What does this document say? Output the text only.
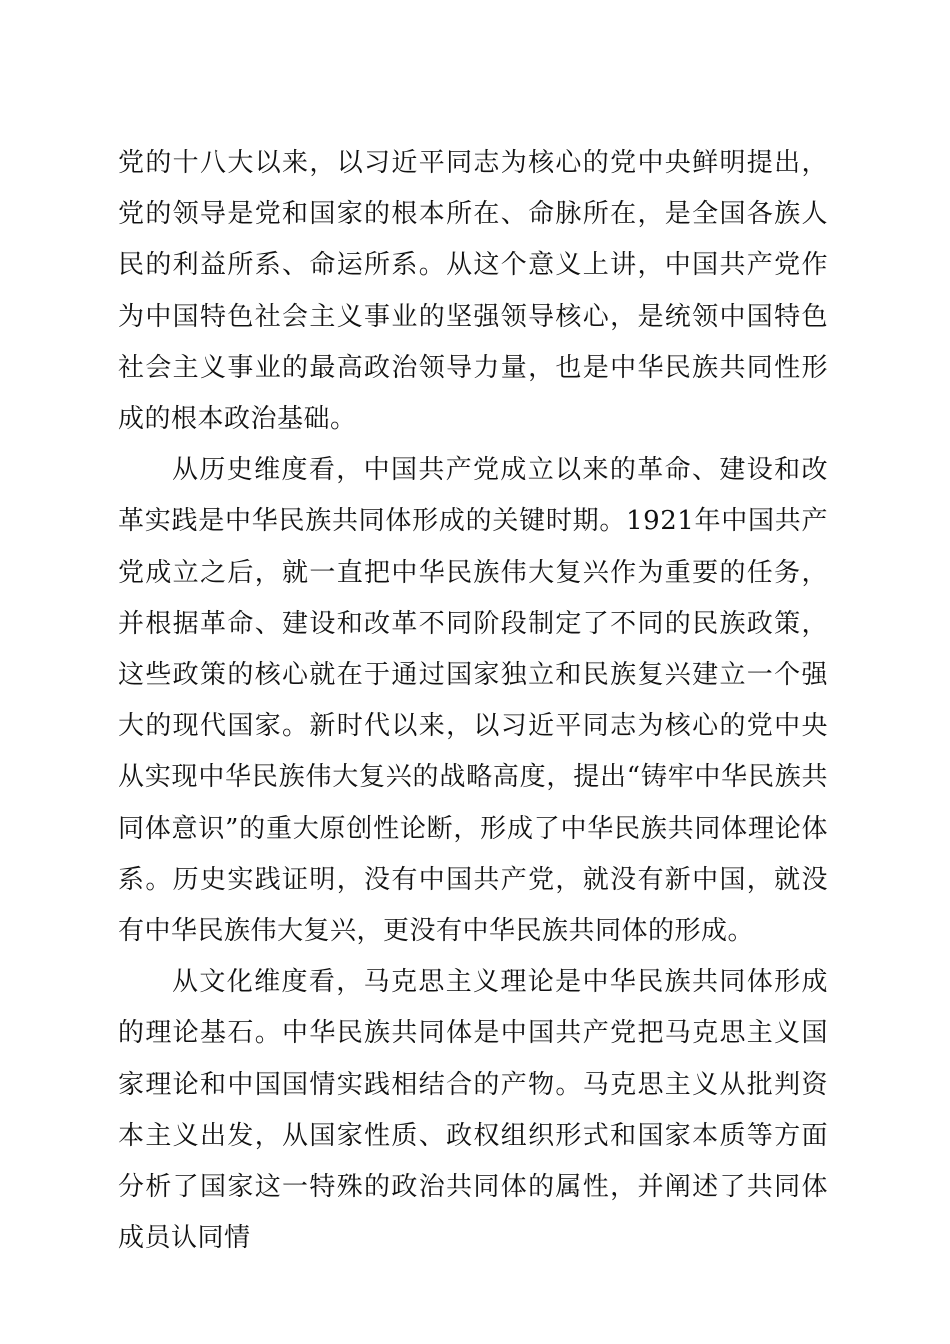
党的十八大以来，以习近平同志为核心的党中央鲜明提出，党的领导是党和国家的根本所在、命脉所在，是全国各族人民的利益所系、命运所系。从这个意义上讲，中国共产党作为中国特色社会主义事业的坚强领导核心，是统领中国特色社会主义事业的最高政治领导力量，也是中华民族共同性形成的根本政治基础。

从历史维度看，中国共产党成立以来的革命、建设和改革实践是中华民族共同体形成的关键时期。1921年中国共产党成立之后，就一直把中华民族伟大复兴作为重要的任务，并根据革命、建设和改革不同阶段制定了不同的民族政策，这些政策的核心就在于通过国家独立和民族复兴建立一个强大的现代国家。新时代以来，以习近平同志为核心的党中央从实现中华民族伟大复兴的战略高度，提出“铸牢中华民族共同体意识”的重大原创性论断，形成了中华民族共同体理论体系。历史实践证明，没有中国共产党，就没有新中国，就没有中华民族伟大复兴，更没有中华民族共同体的形成。

从文化维度看，马克思主义理论是中华民族共同体形成的理论基石。中华民族共同体是中国共产党把马克思主义国家理论和中国国情实践相结合的产物。马克思主义从批判资本主义出发，从国家性质、政权组织形式和国家本质等方面分析了国家这一特殊的政治共同体的属性，并阐述了共同体成员认同情
